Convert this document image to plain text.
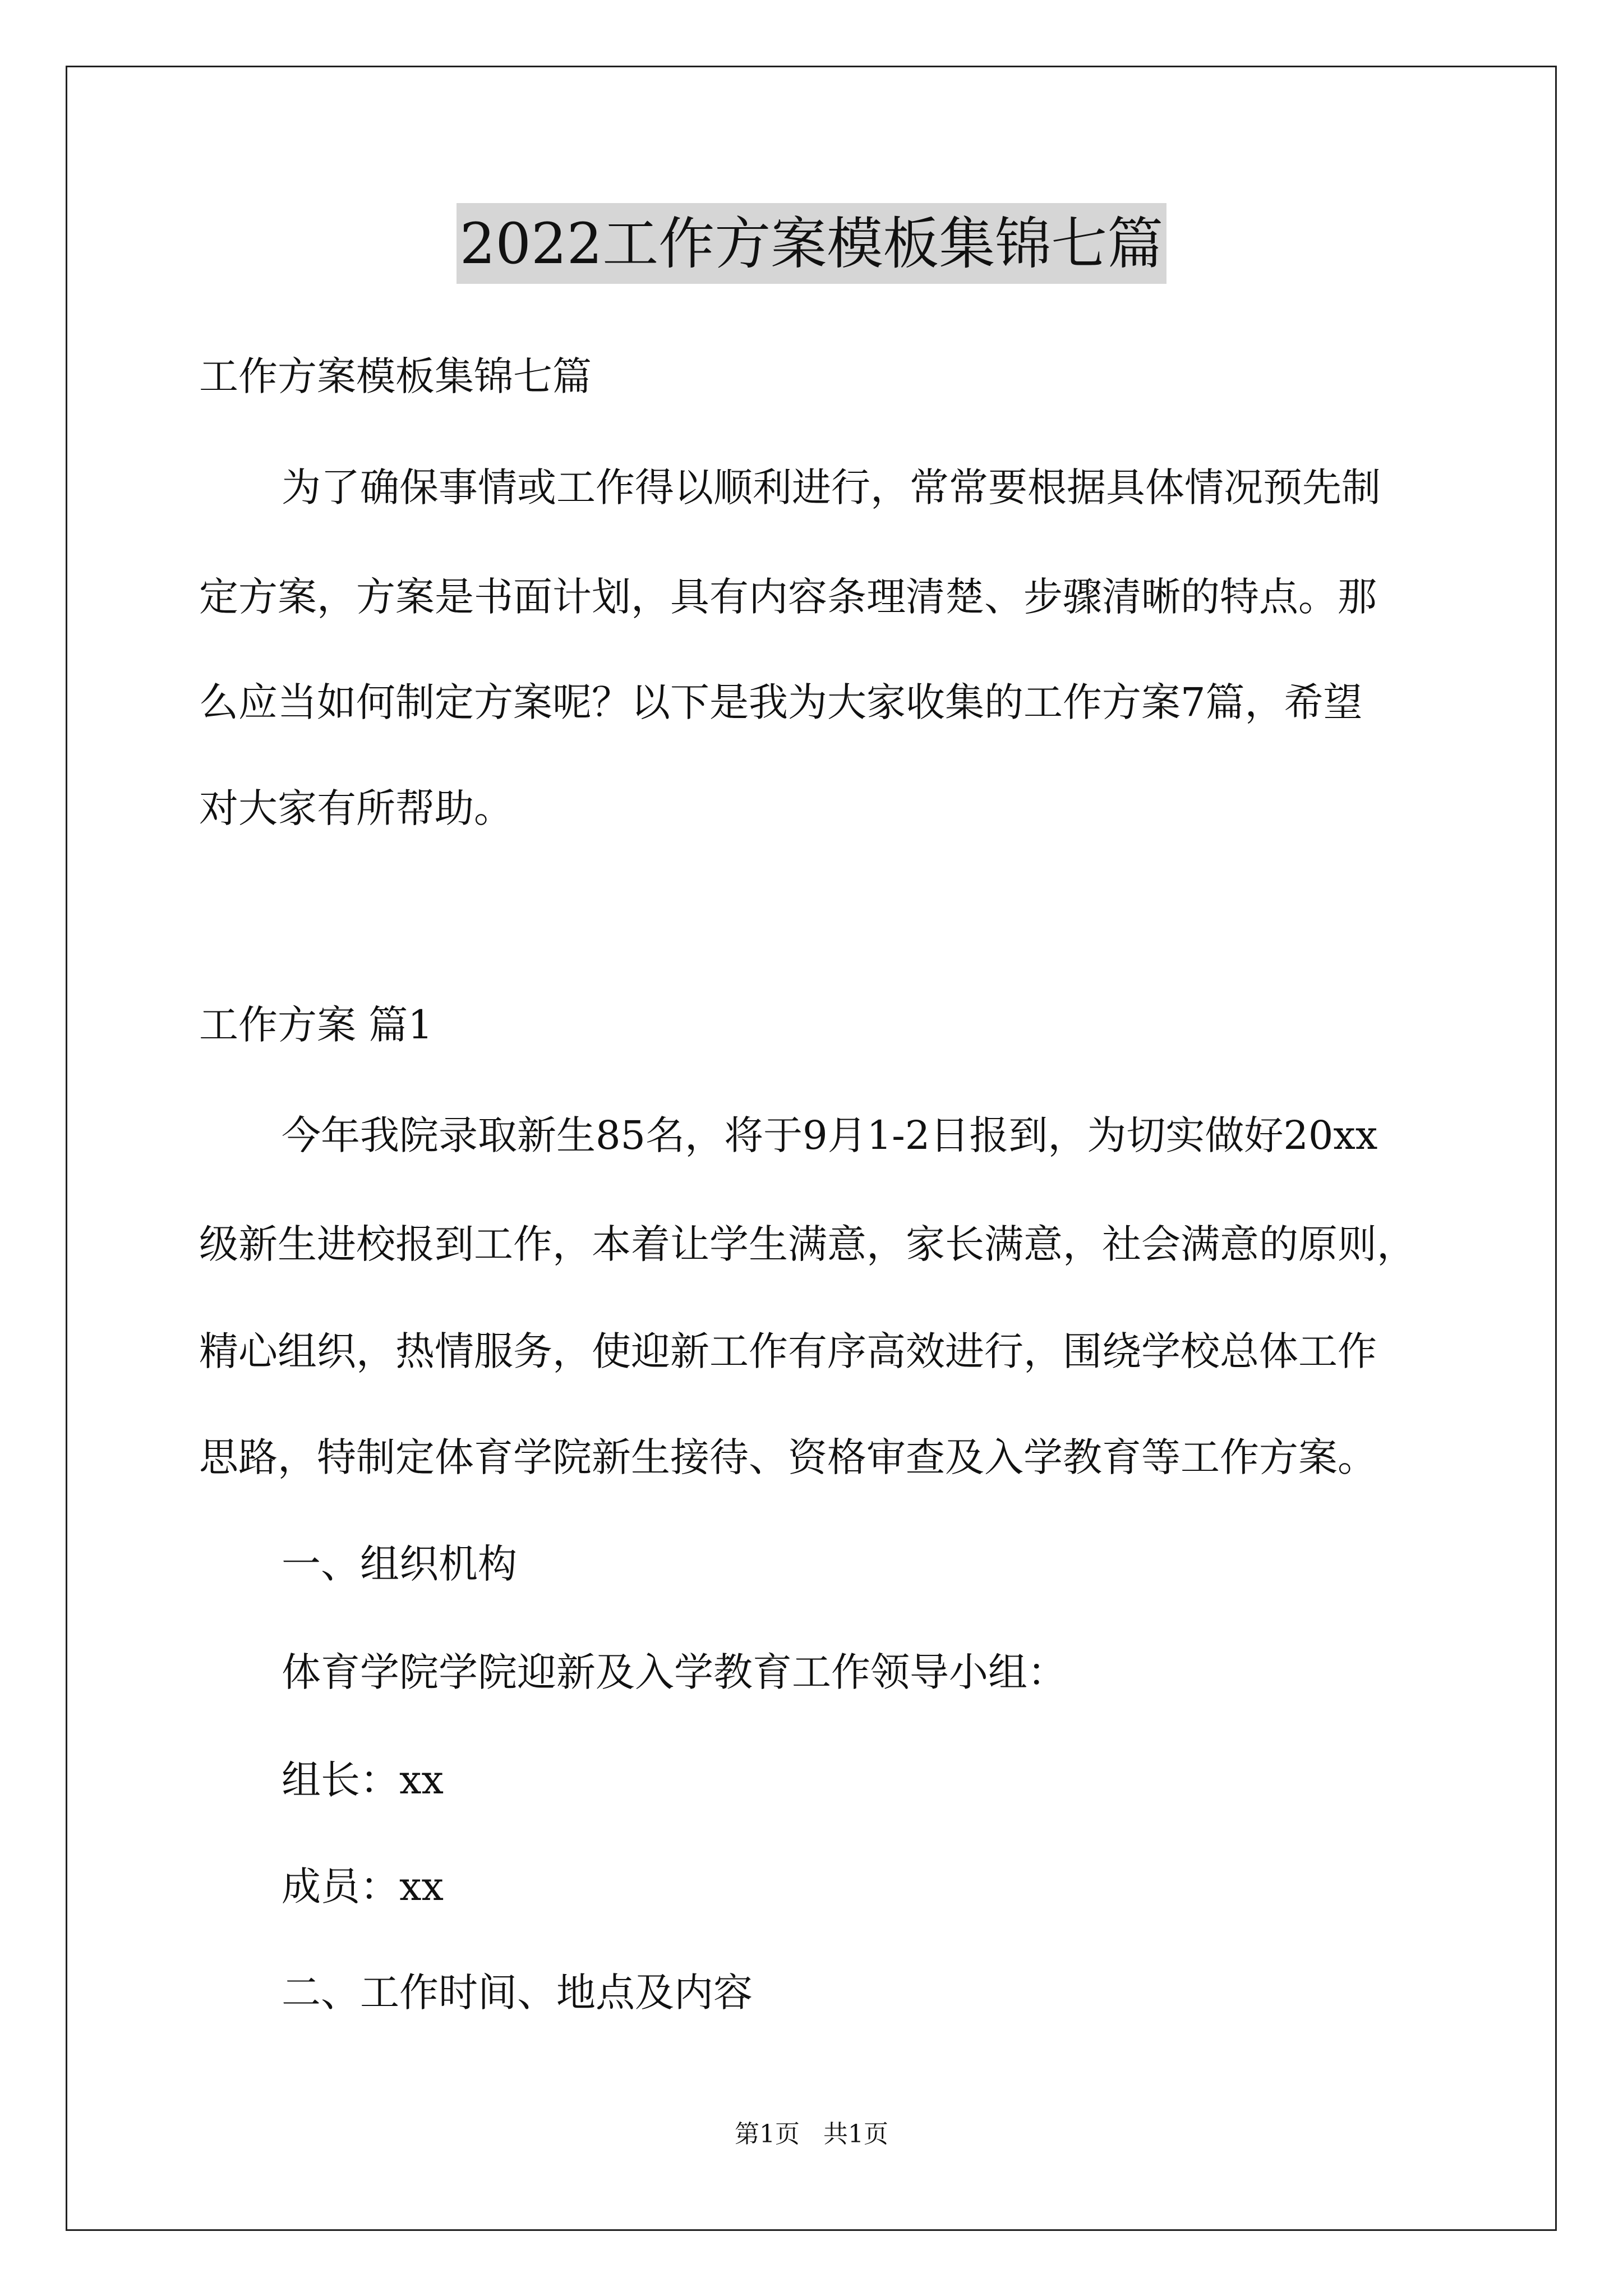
2022工作方案模板集锦七篇
工作方案模板集锦七篇
为了确保事情或工作得以顺利进行，常常要根据具体情况预先制
定方案，方案是书面计划，具有内容条理清楚、步骤清晰的特点。那
么应当如何制定方案呢？以下是我为大家收集的工作方案7篇，希望
对大家有所帮助。
工作方案 篇1
今年我院录取新生85名，将于9月1-2日报到，为切实做好20xx
级新生进校报到工作，本着让学生满意，家长满意，社会满意的原则，
精心组织，热情服务，使迎新工作有序高效进行，围绕学校总体工作
思路，特制定体育学院新生接待、资格审查及入学教育等工作方案。
一、组织机构
体育学院学院迎新及入学教育工作领导小组：
组长：xx
成员：xx
二、工作时间、地点及内容
第1页   共1页
